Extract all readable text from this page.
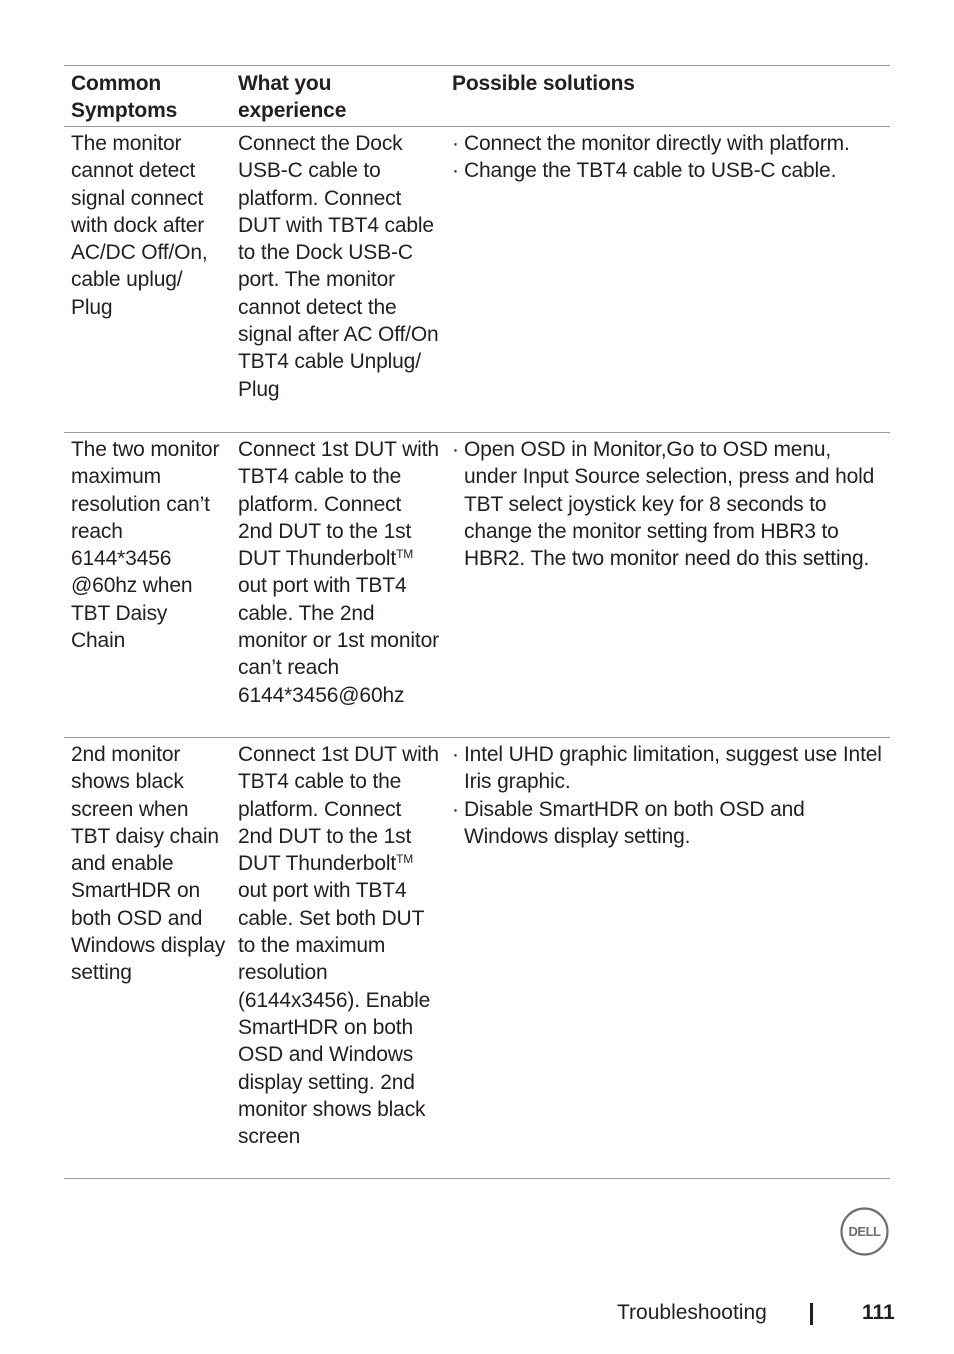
Common Symptoms
What you experience
Possible solutions
The monitor cannot detect signal connect with dock after AC/DC Off/On, cable uplug/ Plug
Connect the Dock USB-C cable to platform. Connect DUT with TBT4 cable to the Dock USB-C port. The monitor cannot detect the signal after AC Off/On TBT4 cable Unplug/ Plug
· Connect the monitor directly with platform.
· Change the TBT4 cable to USB-C cable.
The two monitor maximum resolution can’t reach 6144*3456 @60hz when TBT Daisy Chain
Connect 1st DUT with TBT4 cable to the platform. Connect 2nd DUT to the 1st DUT Thunderbolt™ out port with TBT4 cable. The 2nd monitor or 1st monitor can’t reach 6144*3456@60hz
· Open OSD in Monitor,Go to OSD menu, under Input Source selection, press and hold TBT select joystick key for 8 seconds to change the monitor setting from HBR3 to HBR2. The two monitor need do this setting.
2nd monitor shows black screen when TBT daisy chain and enable SmartHDR on both OSD and Windows display setting
Connect 1st DUT with TBT4 cable to the platform. Connect 2nd DUT to the 1st DUT Thunderbolt™ out port with TBT4 cable. Set both DUT to the maximum resolution (6144x3456). Enable SmartHDR on both OSD and Windows display setting. 2nd monitor shows black screen
· Intel UHD graphic limitation, suggest use Intel Iris graphic.
· Disable SmartHDR on both OSD and Windows display setting.
DELL
Troubleshooting	111
